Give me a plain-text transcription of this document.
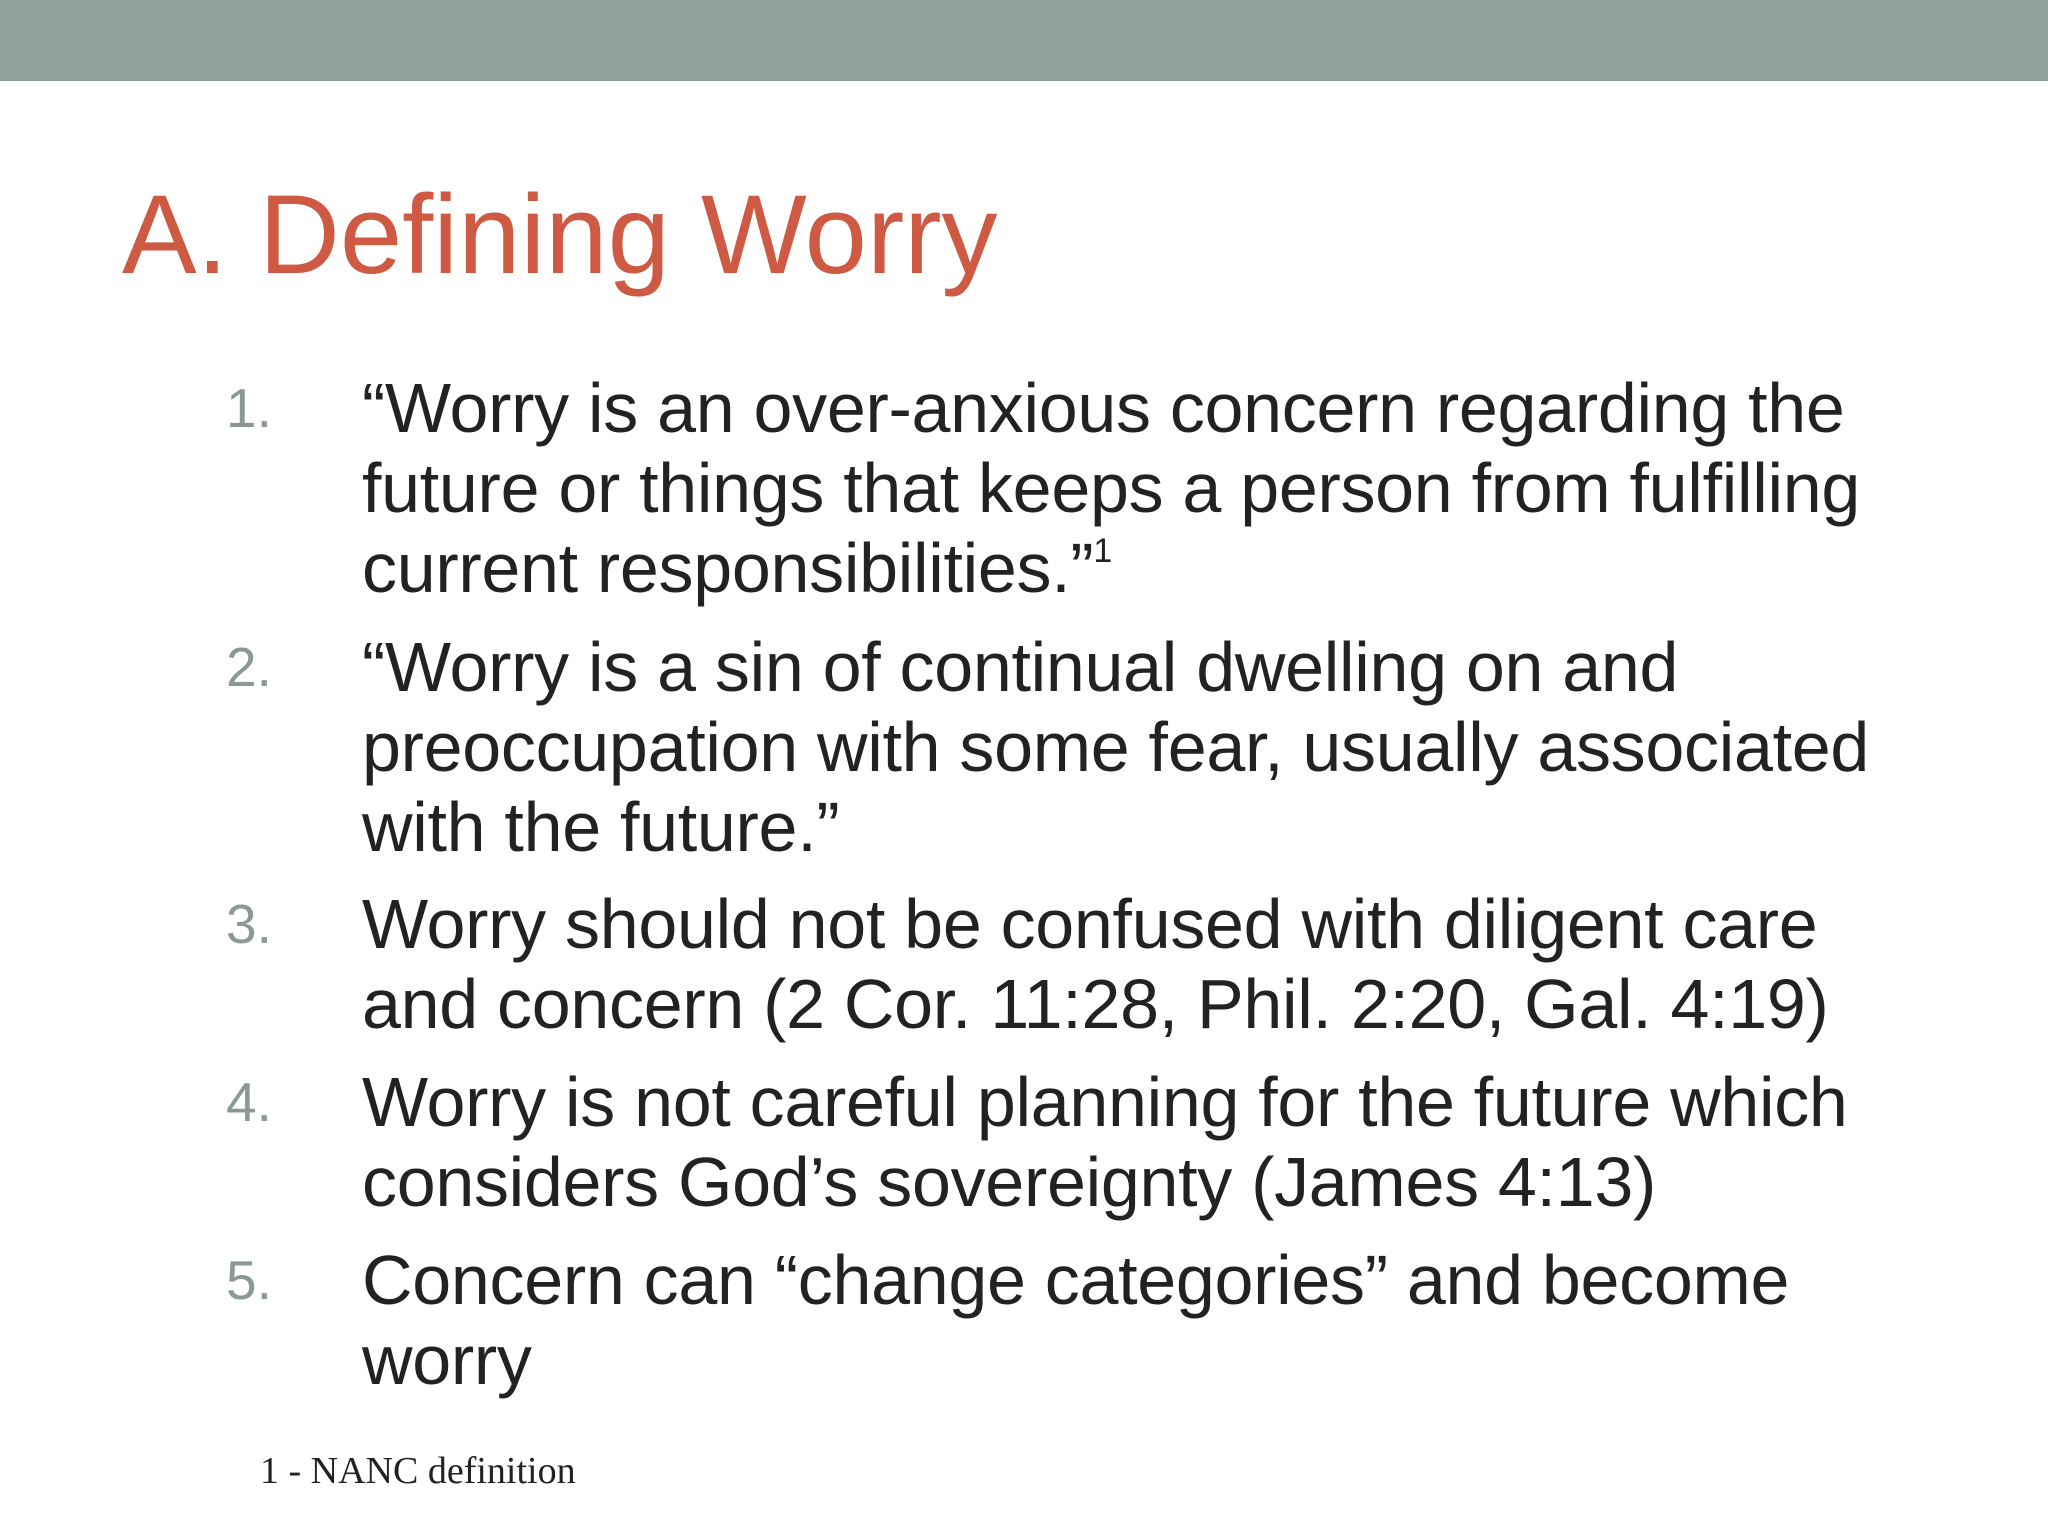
A. Defining Worry
1. “Worry is an over-anxious concern regarding the
future or things that keeps a person from fulfilling
current responsibilities.”$^1$
2. “Worry is a sin of continual dwelling on and
preoccupation with some fear, usually associated
with the future.”
3. Worry should not be confused with diligent care
and concern (2 Cor. 11:28, Phil. 2:20, Gal. 4:19)
4. Worry is not careful planning for the future which
considers God’s sovereignty (James 4:13)
5. Concern can “change categories” and become
worry
1 - NANC definition
